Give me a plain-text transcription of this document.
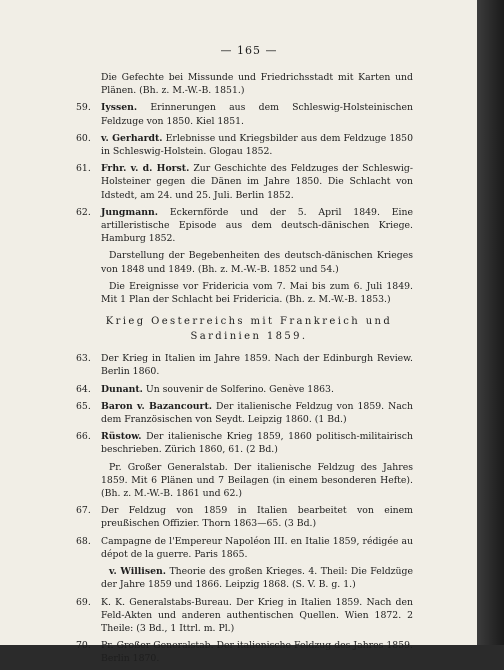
— 165 —

Die Gefechte bei Missunde und Friedrichsstadt mit Karten und Plänen. (Bh. z. M.-W.-B. 1851.)

59. Iyssen. Erinnerungen aus dem Schleswig-Holsteinischen Feldzuge von 1850. Kiel 1851.

60. v. Gerhardt. Erlebnisse und Kriegsbilder aus dem Feldzuge 1850 in Schleswig-Holstein. Glogau 1852.

61. Frhr. v. d. Horst. Zur Geschichte des Feldzuges der Schleswig-Holsteiner gegen die Dänen im Jahre 1850. Die Schlacht von Idstedt, am 24. und 25. Juli. Berlin 1852.

62. Jungmann. Eckernförde und der 5. April 1849. Eine artilleristische Episode aus dem deutsch-dänischen Kriege. Hamburg 1852.

Darstellung der Begebenheiten des deutsch-dänischen Krieges von 1848 und 1849. (Bh. z. M.-W.-B. 1852 und 54.)

Die Ereignisse vor Fridericia vom 7. Mai bis zum 6. Juli 1849. Mit 1 Plan der Schlacht bei Fridericia. (Bh. z. M.-W.-B. 1853.)

Krieg Oesterreichs mit Frankreich und Sardinien 1859.

63. Der Krieg in Italien im Jahre 1859. Nach der Edinburgh Review. Berlin 1860.

64. Dunant. Un souvenir de Solferino. Genève 1863.

65. Baron v. Bazancourt. Der italienische Feldzug von 1859. Nach dem Französischen von Seydt. Leipzig 1860. (1 Bd.)

66. Rüstow. Der italienische Krieg 1859, 1860 politisch-militairisch beschrieben. Zürich 1860, 61. (2 Bd.)

Pr. Großer Generalstab. Der italienische Feldzug des Jahres 1859. Mit 6 Plänen und 7 Beilagen (in einem besonderen Hefte). (Bh. z. M.-W.-B. 1861 und 62.)

67. Der Feldzug von 1859 in Italien bearbeitet von einem preußischen Offizier. Thorn 1863—65. (3 Bd.)

68. Campagne de l'Empereur Napoléon III. en Italie 1859, rédigée au dépot de la guerre. Paris 1865.

v. Willisen. Theorie des großen Krieges. 4. Theil: Die Feldzüge der Jahre 1859 und 1866. Leipzig 1868. (S. V. B. g. 1.)

69. K. K. Generalstabs-Bureau. Der Krieg in Italien 1859. Nach den Feld-Akten und anderen authentischen Quellen. Wien 1872. 2 Theile: (3 Bd., 1 Ittrl. m. Pl.)

70. Pr. Großer Generalstab. Der italienische Feldzug des Jahres 1859. Berlin 1870.
